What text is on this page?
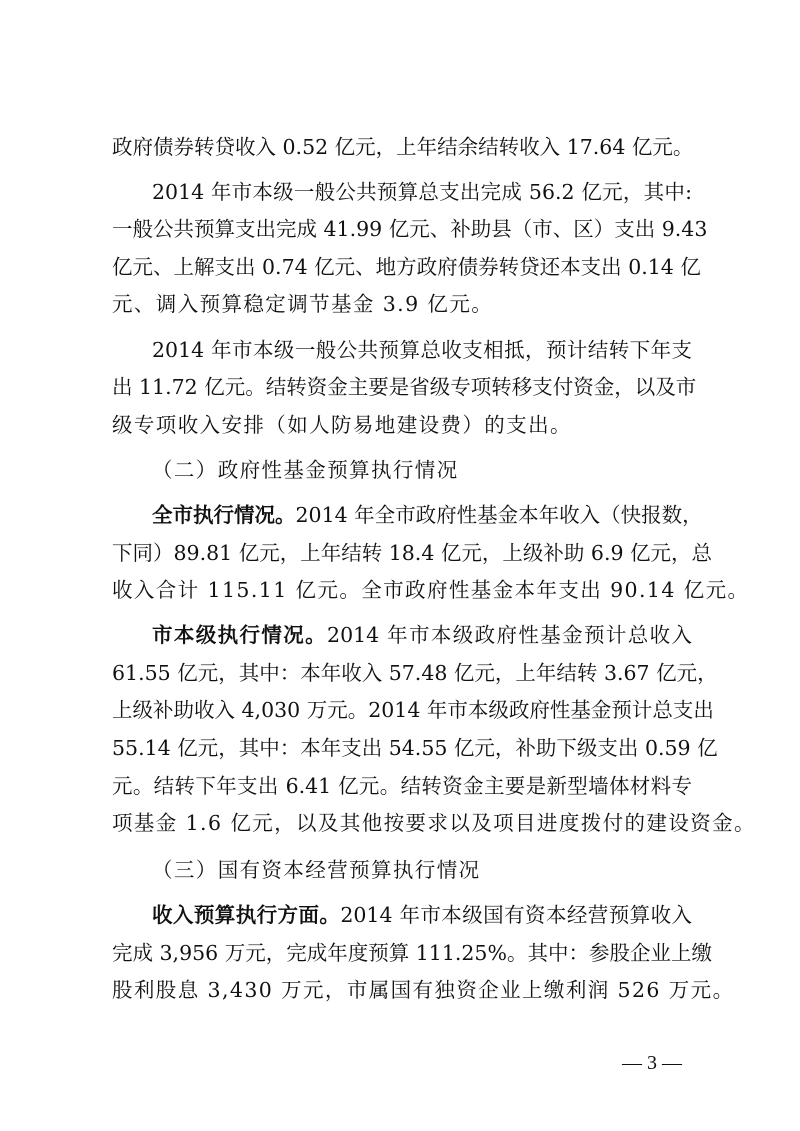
政府债券转贷收入 0.52 亿元，上年结余结转收入 17.64 亿元。
2014 年市本级一般公共预算总支出完成 56.2 亿元，其中:
一般公共预算支出完成 41.99 亿元、补助县（市、区）支出 9.43
亿元、上解支出 0.74 亿元、地方政府债券转贷还本支出 0.14 亿
元、调入预算稳定调节基金 3.9 亿元。
2014 年市本级一般公共预算总收支相抵，预计结转下年支
出 11.72 亿元。结转资金主要是省级专项转移支付资金，以及市
级专项收入安排（如人防易地建设费）的支出。
（二）政府性基金预算执行情况
全市执行情况。2014 年全市政府性基金本年收入（快报数，
下同）89.81 亿元，上年结转 18.4 亿元，上级补助 6.9 亿元，总
收入合计 115.11 亿元。全市政府性基金本年支出 90.14 亿元。
市本级执行情况。2014 年市本级政府性基金预计总收入
61.55 亿元，其中：本年收入 57.48 亿元，上年结转 3.67 亿元，
上级补助收入 4,030 万元。2014 年市本级政府性基金预计总支出
55.14 亿元，其中：本年支出 54.55 亿元，补助下级支出 0.59 亿
元。结转下年支出 6.41 亿元。结转资金主要是新型墙体材料专
项基金 1.6 亿元，以及其他按要求以及项目进度拨付的建设资金。
（三）国有资本经营预算执行情况
收入预算执行方面。2014 年市本级国有资本经营预算收入
完成 3,956 万元，完成年度预算 111.25%。其中：参股企业上缴
股利股息 3,430 万元，市属国有独资企业上缴利润 526 万元。
— 3 —
